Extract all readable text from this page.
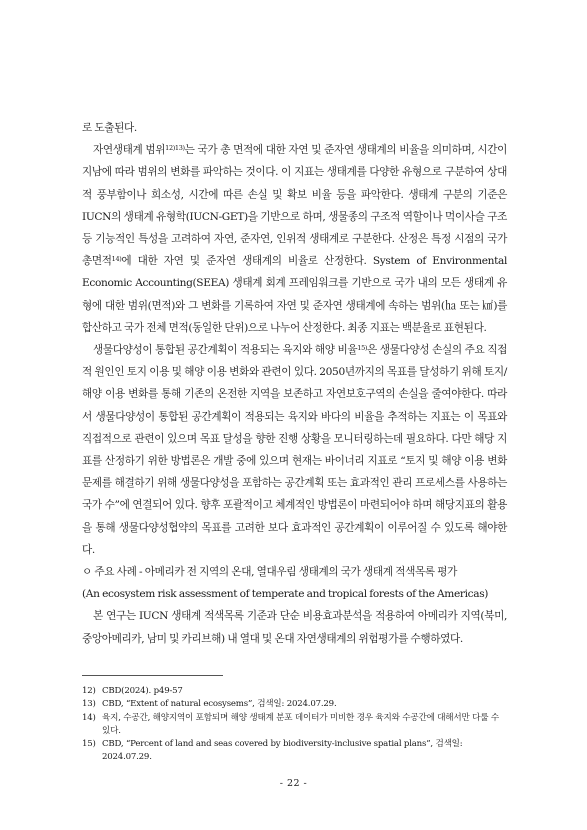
로 도출된다.

자연생태계 범위$^{12)13)}$는 국가 총 면적에 대한 자연 및 준자연 생태계의 비율을 의미하며, 시간이 지남에 따라 범위의 변화를 파악하는 것이다. 이 지표는 생태계를 다양한 유형으로 구분하여 상대적 풍부함이나 희소성, 시간에 따른 손실 및 확보 비율 등을 파악한다. 생태계 구분의 기준은 IUCN의 생태계 유형학(IUCN-GET)을 기반으로 하며, 생물종의 구조적 역할이나 먹이사슬 구조 등 기능적인 특성을 고려하여 자연, 준자연, 인위적 생태계로 구분한다. 산정은 특정 시점의 국가 총면적$^{14)}$에 대한 자연 및 준자연 생태계의 비율로 산정한다. System of Environmental Economic Accounting(SEEA) 생태계 회계 프레임워크를 기반으로 국가 내의 모든 생태계 유형에 대한 범위(면적)와 그 변화를 기록하여 자연 및 준자연 생태계에 속하는 범위(㏊ 또는 ㎢)를 합산하고 국가 전체 면적(동일한 단위)으로 나누어 산정한다. 최종 지표는 백분율로 표현된다.

생물다양성이 통합된 공간계획이 적용되는 육지와 해양 비율$^{15)}$은 생물다양성 손실의 주요 직접적 원인인 토지 이용 및 해양 이용 변화와 관련이 있다. 2050년까지의 목표를 달성하기 위해 토지/해양 이용 변화를 통해 기존의 온전한 지역을 보존하고 자연보호구역의 손실을 줄여야한다. 따라서 생물다양성이 통합된 공간계획이 적용되는 육지와 바다의 비율을 추적하는 지표는 이 목표와 직접적으로 관련이 있으며 목표 달성을 향한 진행 상황을 모니터링하는데 필요하다. 다만 해당 지표를 산정하기 위한 방법론은 개발 중에 있으며 현재는 바이너리 지표로 “토지 및 해양 이용 변화 문제를 해결하기 위해 생물다양성을 포함하는 공간계획 또는 효과적인 관리 프로세스를 사용하는 국가 수”에 연결되어 있다. 향후 포괄적이고 체계적인 방법론이 마련되어야 하며 해당지표의 활용을 통해 생물다양성협약의 목표를 고려한 보다 효과적인 공간계획이 이루어질 수 있도록 해야한다.

ㅇ 주요 사례 - 아메리카 전 지역의 온대, 열대우림 생태계의 국가 생태계 적색목록 평가

(An ecosystem risk assessment of temperate and tropical forests of the Americas)

본 연구는 IUCN 생태계 적색목록 기준과 단순 비용효과분석을 적용하여 아메리카 지역(북미, 중앙아메리카, 남미 및 카리브해) 내 열대 및 온대 자연생태계의 위험평가를 수행하였다.

12) CBD(2024). p49-57
13) CBD, “Extent of natural ecosysems”, 검색일: 2024.07.29.
14) 육지, 수공간, 해양지역이 포함되며 해양 생태계 분포 데이터가 미비한 경우 육지와 수공간에 대해서만 다룰 수 있다.
15) CBD, “Percent of land and seas covered by biodiversity-inclusive spatial plans”, 검색일: 2024.07.29.
- 22 -
